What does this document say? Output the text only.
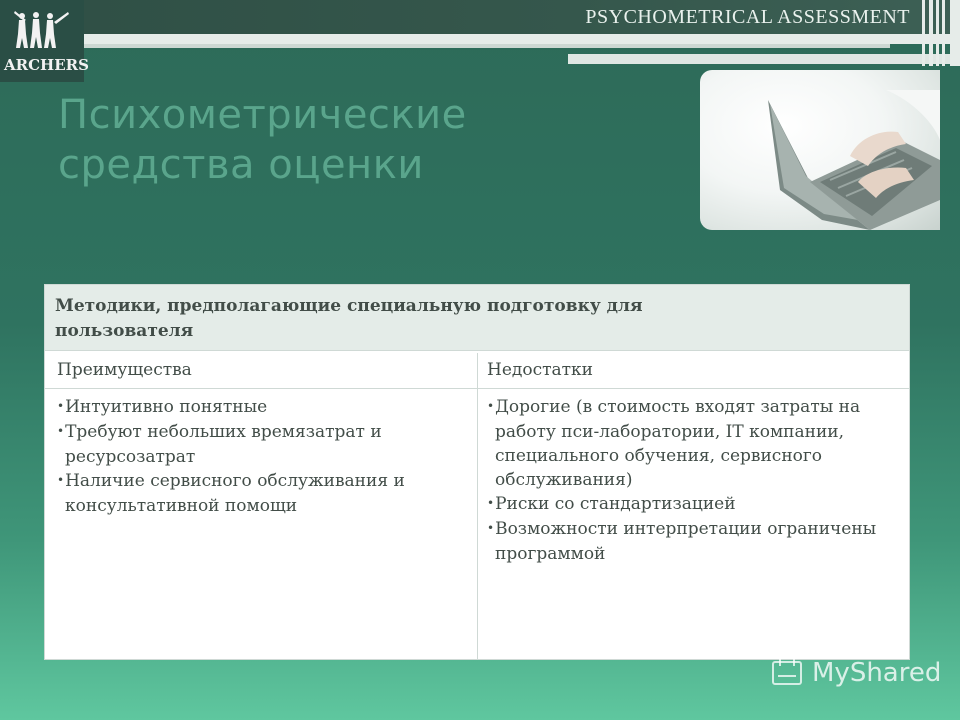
PSYCHOMETRICAL ASSESSMENT
ARCHERS
Психометрические
средства оценки
Методики, предполагающие специальную подготовку для
пользователя
Преимущества	Недостатки

• Интуитивно понятные

• Требуют небольших времязатрат и ресурсозатрат

• Наличие сервисного обслуживания и консультативной помощи

• Дорогие (в стоимость входят затраты на работу пси-лаборатории, IT компании, специального обучения, сервисного обслуживания)

• Риски со стандартизацией

• Возможности интерпретации ограничены программой

MyShared
